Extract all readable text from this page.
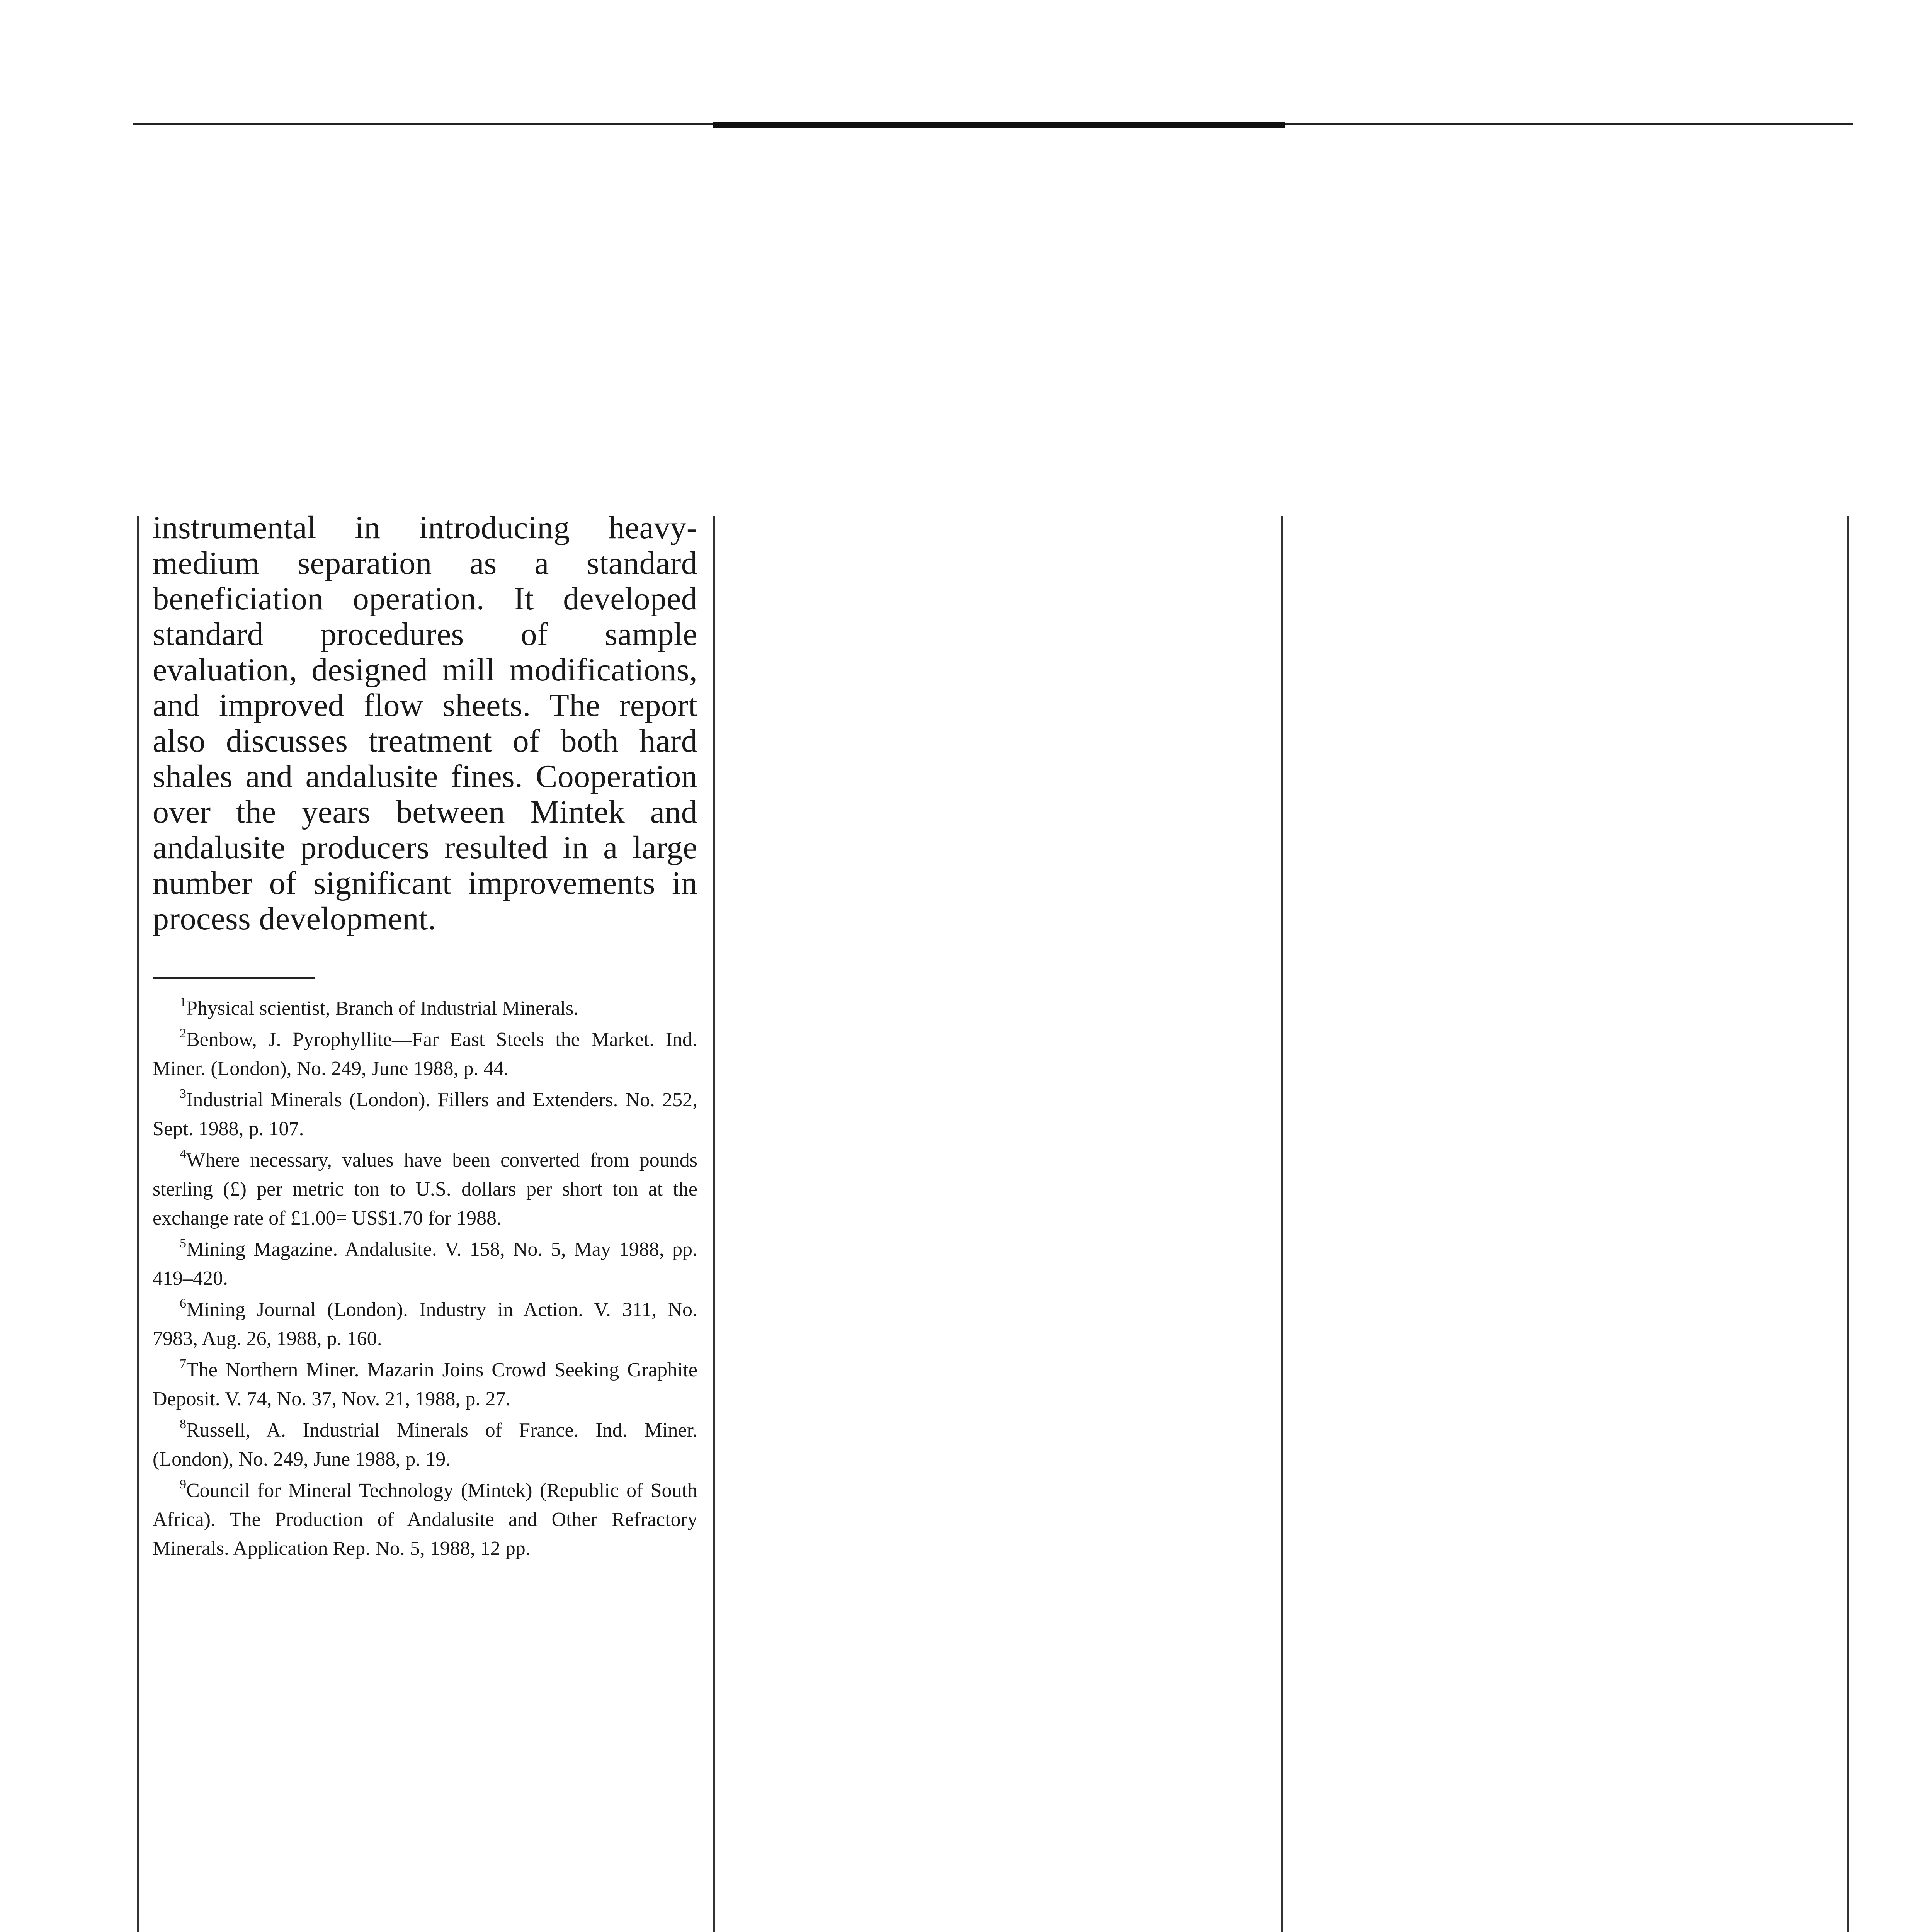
instrumental in introducing heavy-medium separation as a standard beneficiation operation. It developed standard procedures of sample evaluation, designed mill modifications, and improved flow sheets. The report also discusses treatment of both hard shales and andalusite fines. Cooperation over the years between Mintek and andalusite producers resulted in a large number of significant improvements in process development.

$^1$Physical scientist, Branch of Industrial Minerals.

$^2$Benbow, J. Pyrophyllite—Far East Steels the Market. Ind. Miner. (London), No. 249, June 1988, p. 44.

$^3$Industrial Minerals (London). Fillers and Extenders. No. 252, Sept. 1988, p. 107.

$^4$Where necessary, values have been converted from pounds sterling (£) per metric ton to U.S. dollars per short ton at the exchange rate of £1.00= US$1.70 for 1988.

$^5$Mining Magazine. Andalusite. V. 158, No. 5, May 1988, pp. 419–420.

$^6$Mining Journal (London). Industry in Action. V. 311, No. 7983, Aug. 26, 1988, p. 160.

$^7$The Northern Miner. Mazarin Joins Crowd Seeking Graphite Deposit. V. 74, No. 37, Nov. 21, 1988, p. 27.

$^8$Russell, A. Industrial Minerals of France. Ind. Miner. (London), No. 249, June 1988, p. 19.

$^9$Council for Mineral Technology (Mintek) (Republic of South Africa). The Production of Andalusite and Other Refractory Minerals. Application Rep. No. 5, 1988, 12 pp.
